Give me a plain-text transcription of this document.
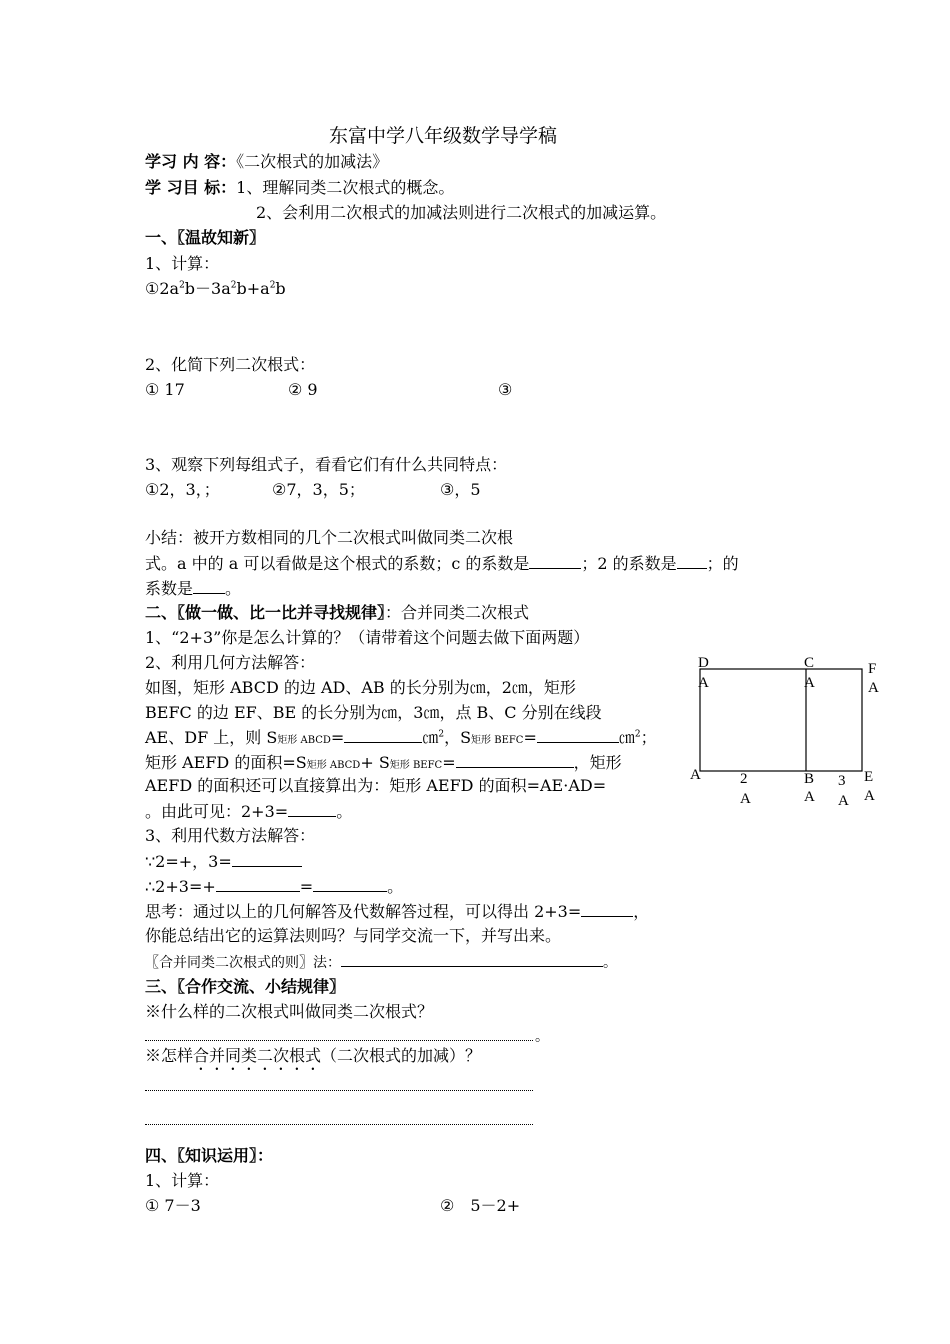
东富中学八年级数学导学稿
学习 内 容：《二次根式的加减法》
学 习目 标：1、理解同类二次根式的概念。
2、会利用二次根式的加减法则进行二次根式的加减运算。
一、〖温故知新〗
1、计算：
$①2a^2b-3a^2b+a^2b$
2、化简下列二次根式：
① 17	② 9	③
3、观察下列每组式子，看看它们有什么共同特点：
①2，3，；	②7，3，5；	③，5
小结：被开方数相同的几个二次根式叫做同类二次根
式。a 中的 a 可以看做是这个根式的系数；c 的系数是	；2 的系数是 ；的
系数是 。
二、〖做一做、比一比并寻找规律〗：合并同类二次根式
1、“2+3”你是怎么计算的？（请带着这个问题去做下面两题）
2、利用几何方法解答：
如图，矩形 ABCD 的边 AD、AB 的长分别为㎝，2㎝，矩形
BEFC 的边 EF、BE 的长分别为㎝，3㎝，点 B、C 分别在线段
AE、DF 上，则 S矩形 ABCD=	㎝$^2$，S矩形 BEFC=	㎝$^2$；
矩形 AEFD 的面积=S矩形 ABCD+ S矩形 BEFC=	，矩形
AEFD 的面积还可以直接算出为：矩形 AEFD 的面积=AE·AD=
。由此可见：2+3=	。
3、利用代数方法解答：
∵2=+，3=
∴2+3=+	=	。
思考：通过以上的几何解答及代数解答过程，可以得出 2+3=	，
你能总结出它的运算法则吗？与同学交流一下，并写出来。
〖合并同类二次根式的则〗法：	。
三、〖合作交流、小结规律〗
※什么样的二次根式叫做同类二次根式？
。
※怎样合并同类二次根式（二次根式的加减）？
四、〖知识运用〗：
1、计算：
① 7－3	②　5－2+
D
A
C
A
F
A
A	2
A
B
A
3
A
E
A
